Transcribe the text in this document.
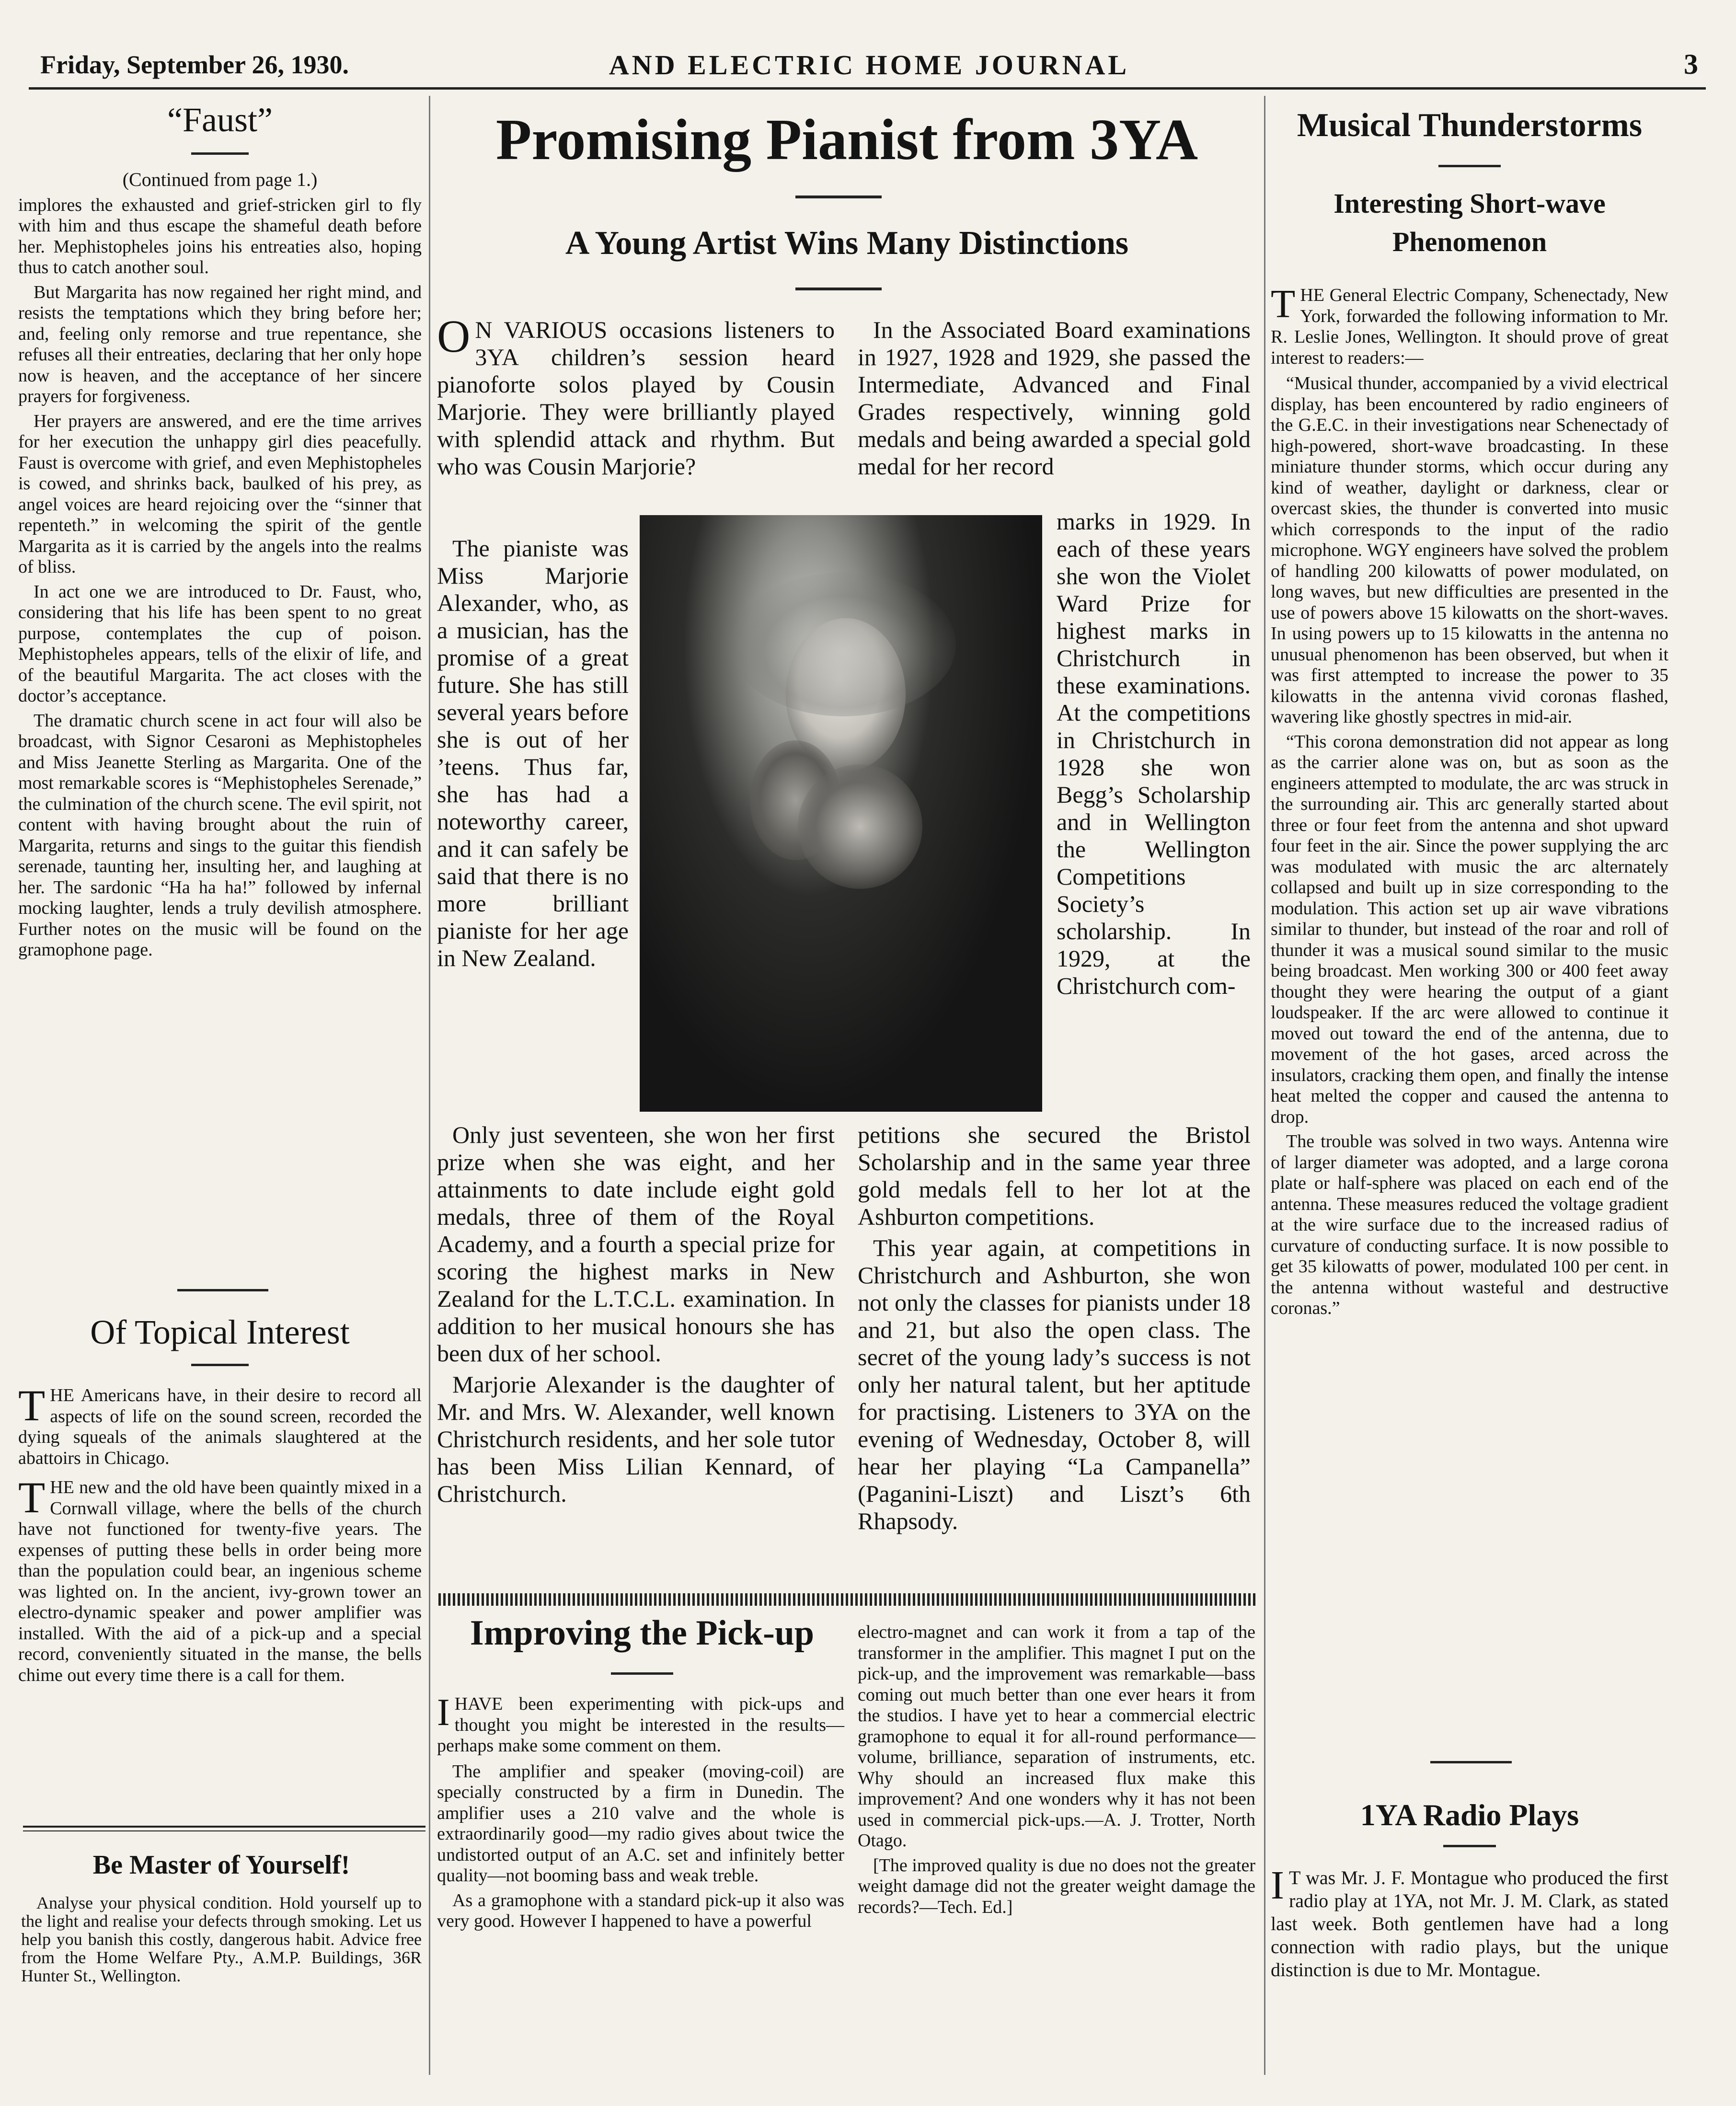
Friday, September 26, 1930.	AND ELECTRIC HOME JOURNAL	3
“Faust”
(Continued from page 1.)

implores the exhausted and grief-stricken girl to fly with him and thus escape the shameful death before her. Mephistopheles joins his entreaties also, hoping thus to catch another soul.

But Margarita has now regained her right mind, and resists the temptations which they bring before her; and, feeling only remorse and true repentance, she refuses all their entreaties, declaring that her only hope now is heaven, and the acceptance of her sincere prayers for forgiveness.

Her prayers are answered, and ere the time arrives for her execution the unhappy girl dies peacefully. Faust is overcome with grief, and even Mephistopheles is cowed, and shrinks back, baulked of his prey, as angel voices are heard rejoicing over the “sinner that repenteth.” in welcoming the spirit of the gentle Margarita as it is carried by the angels into the realms of bliss.

In act one we are introduced to Dr. Faust, who, considering that his life has been spent to no great purpose, contemplates the cup of poison. Mephistopheles appears, tells of the elixir of life, and of the beautiful Margarita. The act closes with the doctor’s acceptance.

The dramatic church scene in act four will also be broadcast, with Signor Cesaroni as Mephistopheles and Miss Jeanette Sterling as Margarita. One of the most remarkable scores is “Mephistopheles Serenade,” the culmination of the church scene. The evil spirit, not content with having brought about the ruin of Margarita, returns and sings to the guitar this fiendish serenade, taunting her, insulting her, and laughing at her. The sardonic “Ha ha ha!” followed by infernal mocking laughter, lends a truly devilish atmosphere. Further notes on the music will be found on the gramophone page.

Of Topical Interest

THE Americans have, in their desire to record all aspects of life on the sound screen, recorded the dying squeals of the animals slaughtered at the abattoirs in Chicago.

THE new and the old have been quaintly mixed in a Cornwall village, where the bells of the church have not functioned for twenty-five years. The expenses of putting these bells in order being more than the population could bear, an ingenious scheme was lighted on. In the ancient, ivy-grown tower an electro-dynamic speaker and power amplifier was installed. With the aid of a pick-up and a special record, conveniently situated in the manse, the bells chime out every time there is a call for them.

Be Master of Yourself!

Analyse your physical condition. Hold yourself up to the light and realise your defects through smoking. Let us help you banish this costly, dangerous habit. Advice free from the Home Welfare Pty., A.M.P. Buildings, 36R Hunter St., Wellington.

Promising Pianist from 3YA
A Young Artist Wins Many Distinctions

O N VARIOUS occasions listeners to 3YA children’s session heard pianoforte solos played by Cousin Marjorie. They were brilliantly played with splendid attack and rhythm. But who was Cousin Marjorie?

The pianiste was Miss Marjorie Alexander, who, as a musician, has the promise of a great future. She has still several years before she is out of her ’teens. Thus far, she has had a noteworthy career, and it can safely be said that there is no more brilliant pianiste for her age in New Zealand.

Only just seventeen, she won her first prize when she was eight, and her attainments to date include eight gold medals, three of them of the Royal Academy, and a fourth a special prize for scoring the highest marks in New Zealand for the L.T.C.L. examination. In addition to her musical honours she has been dux of her school.

Marjorie Alexander is the daughter of Mr. and Mrs. W. Alexander, well known Christchurch residents, and her sole tutor has been Miss Lilian Kennard, of Christchurch.

In the Associated Board examinations in 1927, 1928 and 1929, she passed the Intermediate, Advanced and Final Grades respectively, winning gold medals and being awarded a special gold medal for her record

marks in 1929. In each of these years she won the Violet Ward Prize for highest marks in Christchurch in these examinations. At the competitions in Christchurch in 1928 she won Begg’s Scholarship and in Wellington the Wellington Competitions Society’s scholarship. In 1929, at the Christchurch com-

petitions she secured the Bristol Scholarship and in the same year three gold medals fell to her lot at the Ashburton competitions.

This year again, at competitions in Christchurch and Ashburton, she won not only the classes for pianists under 18 and 21, but also the open class. The secret of the young lady’s success is not only her natural talent, but her aptitude for practising. Listeners to 3YA on the evening of Wednesday, October 8, will hear her playing “La Campanella” (Paganini-Liszt) and Liszt’s 6th Rhapsody.

Improving the Pick-up

IHAVE been experimenting with pick-ups and thought you might be interested in the results—perhaps make some comment on them.

The amplifier and speaker (moving-coil) are specially constructed by a firm in Dunedin. The amplifier uses a 210 valve and the whole is extraordinarily good—my radio gives about twice the undistorted output of an A.C. set and infinitely better quality—not booming bass and weak treble.

As a gramophone with a standard pick-up it also was very good. However I happened to have a powerful

electro-magnet and can work it from a tap of the transformer in the amplifier. This magnet I put on the pick-up, and the improvement was remarkable—bass coming out much better than one ever hears it from the studios. I have yet to hear a commercial electric gramophone to equal it for all-round performance—volume, brilliance, separation of instruments, etc. Why should an increased flux make this improvement? And one wonders why it has not been used in commercial pick-ups.—A. J. Trotter, North Otago.

[The improved quality is due no does not the greater weight damage did not the greater weight damage the records?—Tech. Ed.]

Musical Thunderstorms
Interesting Short-wave Phenomenon

THE General Electric Company, Schenectady, New York, forwarded the following information to Mr. R. Leslie Jones, Wellington. It should prove of great interest to readers:—

“Musical thunder, accompanied by a vivid electrical display, has been encountered by radio engineers of the G.E.C. in their investigations near Schenectady of high-powered, short-wave broadcasting. In these miniature thunder storms, which occur during any kind of weather, daylight or darkness, clear or overcast skies, the thunder is converted into music which corresponds to the input of the radio microphone. WGY engineers have solved the problem of handling 200 kilowatts of power modulated, on long waves, but new difficulties are presented in the use of powers above 15 kilowatts on the short-waves. In using powers up to 15 kilowatts in the antenna no unusual phenomenon has been observed, but when it was first attempted to increase the power to 35 kilowatts in the antenna vivid coronas flashed, wavering like ghostly spectres in mid-air.

“This corona demonstration did not appear as long as the carrier alone was on, but as soon as the engineers attempted to modulate, the arc was struck in the surrounding air. This arc generally started about three or four feet from the antenna and shot upward four feet in the air. Since the power supplying the arc was modulated with music the arc alternately collapsed and built up in size corresponding to the modulation. This action set up air wave vibrations similar to thunder, but instead of the roar and roll of thunder it was a musical sound similar to the music being broadcast. Men working 300 or 400 feet away thought they were hearing the output of a giant loudspeaker. If the arc were allowed to continue it moved out toward the end of the antenna, due to movement of the hot gases, arced across the insulators, cracking them open, and finally the intense heat melted the copper and caused the antenna to drop.

The trouble was solved in two ways. Antenna wire of larger diameter was adopted, and a large corona plate or half-sphere was placed on each end of the antenna. These measures reduced the voltage gradient at the wire surface due to the increased radius of curvature of conducting surface. It is now possible to get 35 kilowatts of power, modulated 100 per cent. in the antenna without wasteful and destructive coronas.”

1YA Radio Plays

I T was Mr. J. F. Montague who produced the first radio play at 1YA, not Mr. J. M. Clark, as stated last week. Both gentlemen have had a long connection with radio plays, but the unique distinction is due to Mr. Montague.
